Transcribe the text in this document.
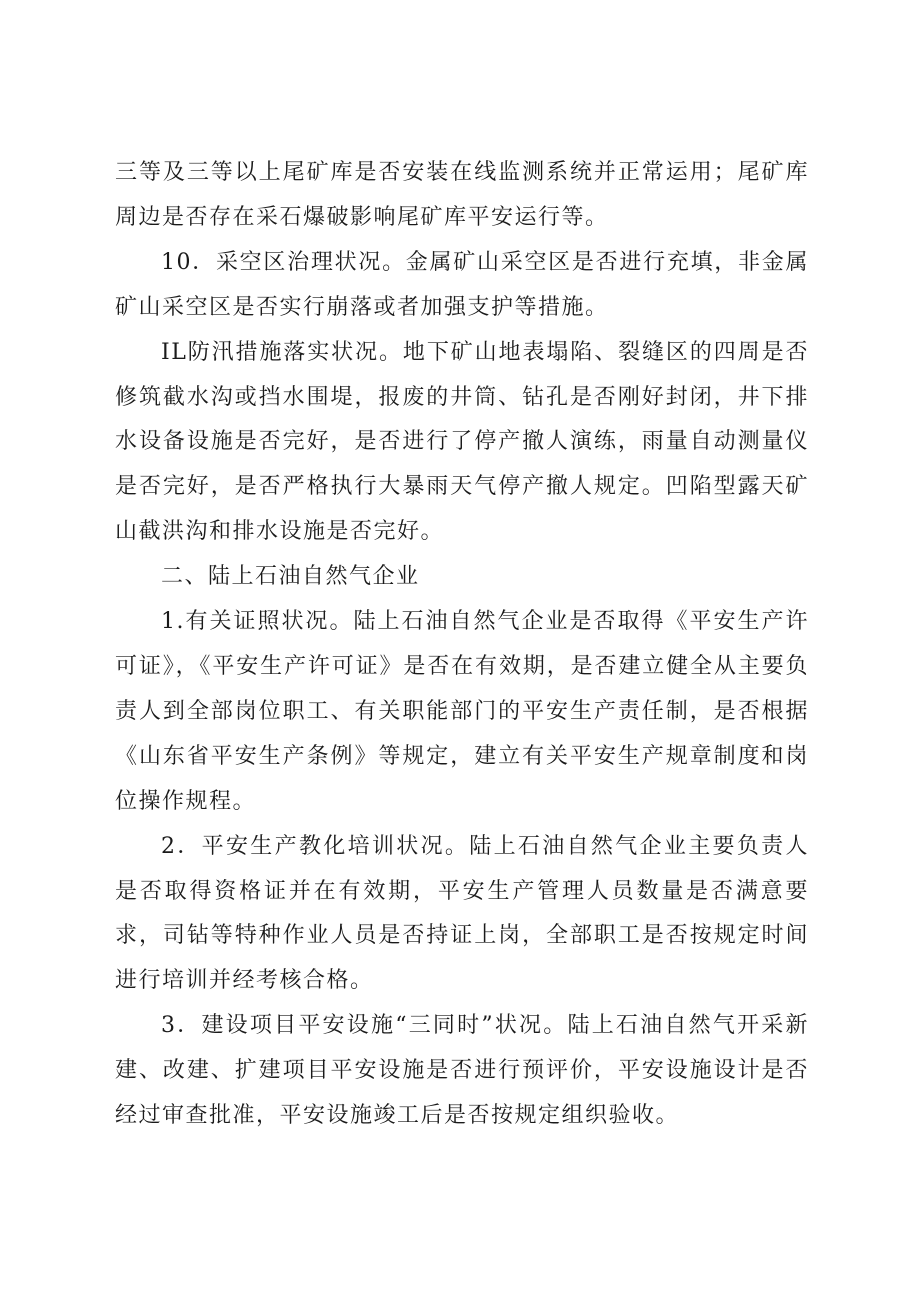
三等及三等以上尾矿库是否安装在线监测系统并正常运用；尾矿库周边是否存在采石爆破影响尾矿库平安运行等。

10．采空区治理状况。金属矿山采空区是否进行充填，非金属矿山采空区是否实行崩落或者加强支护等措施。

IL防汛措施落实状况。地下矿山地表塌陷、裂缝区的四周是否修筑截水沟或挡水围堤，报废的井筒、钻孔是否刚好封闭，井下排水设备设施是否完好，是否进行了停产撤人演练，雨量自动测量仪是否完好，是否严格执行大暴雨天气停产撤人规定。凹陷型露天矿山截洪沟和排水设施是否完好。

二、陆上石油自然气企业

1.有关证照状况。陆上石油自然气企业是否取得《平安生产许可证》，《平安生产许可证》是否在有效期，是否建立健全从主要负责人到全部岗位职工、有关职能部门的平安生产责任制，是否根据《山东省平安生产条例》等规定，建立有关平安生产规章制度和岗位操作规程。

2．平安生产教化培训状况。陆上石油自然气企业主要负责人是否取得资格证并在有效期，平安生产管理人员数量是否满意要求，司钻等特种作业人员是否持证上岗，全部职工是否按规定时间进行培训并经考核合格。

3．建设项目平安设施“三同时”状况。陆上石油自然气开采新建、改建、扩建项目平安设施是否进行预评价，平安设施设计是否经过审查批准，平安设施竣工后是否按规定组织验收。
